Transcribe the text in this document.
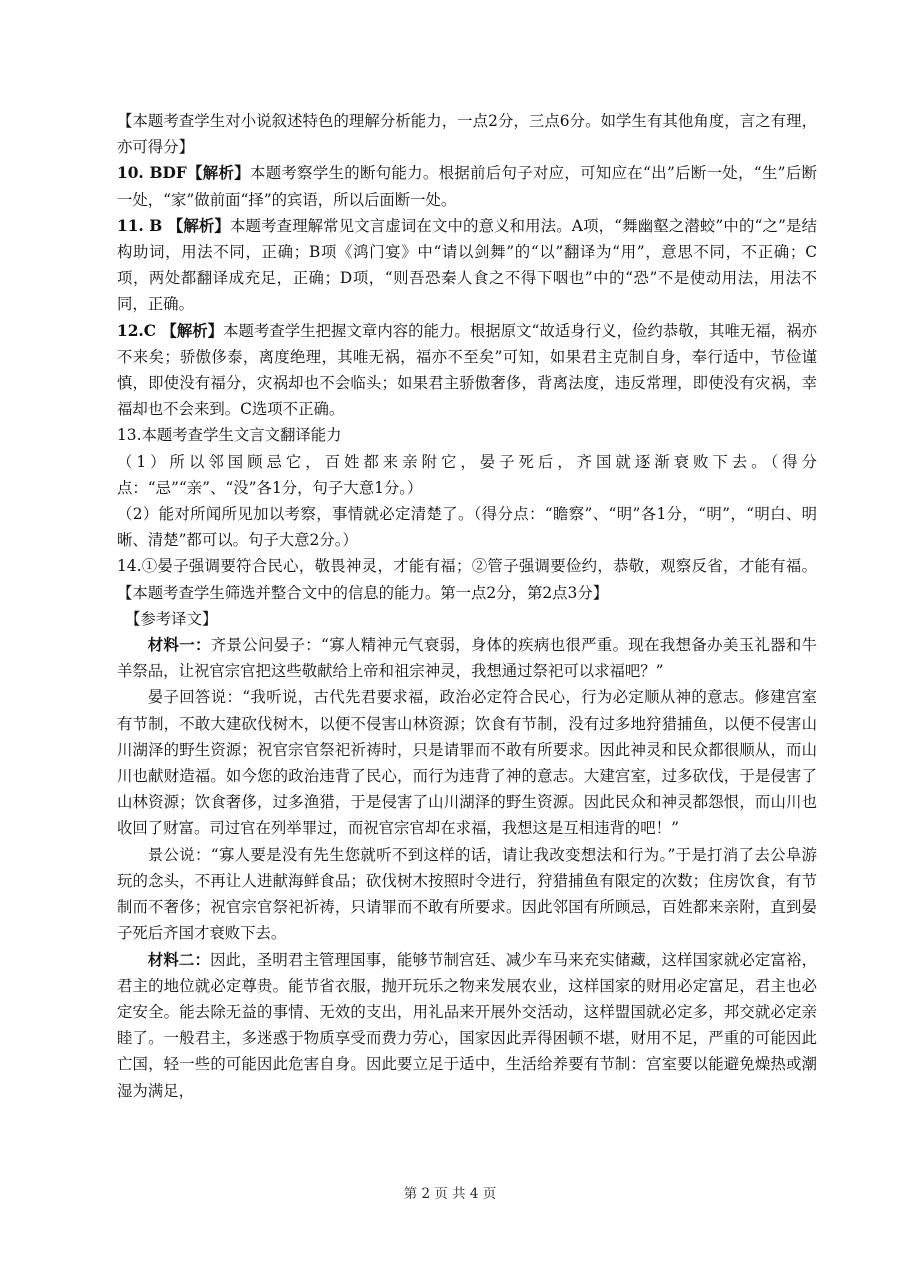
【本题考查学生对小说叙述特色的理解分析能力，一点2分，三点6分。如学生有其他角度，言之有理，亦可得分】

10. BDF【解析】本题考察学生的断句能力。根据前后句子对应，可知应在“出”后断一处，“生”后断一处，“家”做前面“择”的宾语，所以后面断一处。

11. B 【解析】本题考查理解常见文言虚词在文中的意义和用法。A项，“舞幽壑之潜蛟”中的“之”是结构助词，用法不同，正确；B项《鸿门宴》中“请以剑舞”的“以”翻译为“用”，意思不同，不正确；C项，两处都翻译成充足，正确；D项，“则吾恐秦人食之不得下咽也”中的“恐”不是使动用法，用法不同，正确。

12.C 【解析】本题考查学生把握文章内容的能力。根据原文“故适身行义，俭约恭敬，其唯无福，祸亦不来矣；骄傲侈泰，离度绝理，其唯无祸，福亦不至矣”可知，如果君主克制自身，奉行适中，节俭谨慎，即使没有福分，灾祸却也不会临头；如果君主骄傲奢侈，背离法度，违反常理，即使没有灾祸，幸福却也不会来到。C选项不正确。

13.本题考查学生文言文翻译能力

（1）所以邻国顾忌它，百姓都来亲附它，晏子死后，齐国就逐渐衰败下去。（得分点：“忌”“亲”、“没”各1分，句子大意1分。）

（2）能对所闻所见加以考察，事情就必定清楚了。（得分点：“瞻察”、“明”各1分，“明”，“明白、明晰、清楚”都可以。句子大意2分。）

14.①晏子强调要符合民心，敬畏神灵，才能有福；②管子强调要俭约，恭敬，观察反省，才能有福。【本题考查学生筛选并整合文中的信息的能力。第一点2分，第2点3分】

【参考译文】

材料一：齐景公问晏子：“寡人精神元气衰弱，身体的疾病也很严重。现在我想备办美玉礼器和牛羊祭品，让祝官宗官把这些敬献给上帝和祖宗神灵，我想通过祭祀可以求福吧？”

晏子回答说：“我听说，古代先君要求福，政治必定符合民心，行为必定顺从神的意志。修建宫室有节制，不敢大建砍伐树木，以便不侵害山林资源；饮食有节制，没有过多地狩猎捕鱼，以便不侵害山川湖泽的野生资源；祝官宗官祭祀祈祷时，只是请罪而不敢有所要求。因此神灵和民众都很顺从，而山川也献财造福。如今您的政治违背了民心，而行为违背了神的意志。大建宫室，过多砍伐，于是侵害了山林资源；饮食奢侈，过多渔猎，于是侵害了山川湖泽的野生资源。因此民众和神灵都怨恨，而山川也收回了财富。司过官在列举罪过，而祝官宗官却在求福，我想这是互相违背的吧！”

景公说：“寡人要是没有先生您就听不到这样的话，请让我改变想法和行为。”于是打消了去公阜游玩的念头，不再让人进献海鲜食品；砍伐树木按照时令进行，狩猎捕鱼有限定的次数；住房饮食，有节制而不奢侈；祝官宗官祭祀祈祷，只请罪而不敢有所要求。因此邻国有所顾忌，百姓都来亲附，直到晏子死后齐国才衰败下去。

材料二：因此，圣明君主管理国事，能够节制宫廷、减少车马来充实储藏，这样国家就必定富裕，君主的地位就必定尊贵。能节省衣服，抛开玩乐之物来发展农业，这样国家的财用必定富足，君主也必定安全。能去除无益的事情、无效的支出，用礼品来开展外交活动，这样盟国就必定多，邦交就必定亲睦了。一般君主，多迷惑于物质享受而费力劳心，国家因此弄得困顿不堪，财用不足，严重的可能因此亡国，轻一些的可能因此危害自身。因此要立足于适中，生活给养要有节制：宫室要以能避免燥热或潮湿为满足，

第 2 页 共 4 页
